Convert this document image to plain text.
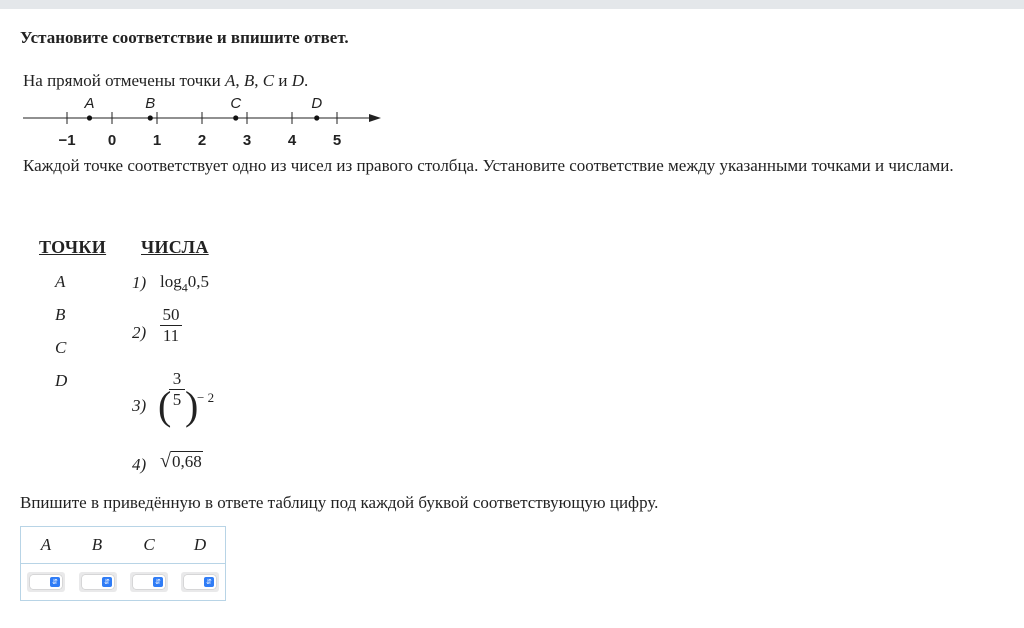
Установите соответствие и впишите ответ.
На прямой отмечены точки A, B, C и D.
−1 0 1 2 3 4 5
A	B	C	D
Каждой точке соответствует одно из чисел из правого столбца. Установите соответствие между указанными точками и числами.
ТОЧКИ ЧИСЛА
A
B
C
D
1) $\log_40,5$
$2) \frac{50}{11}$
3) (
$\frac{3}{5}$ )
− 2
4) √0,68
Впишите в приведённую в ответе таблицу под каждой буквой соответствующую цифру.
A	B	C	D
⇵	⇵	⇵	⇵
